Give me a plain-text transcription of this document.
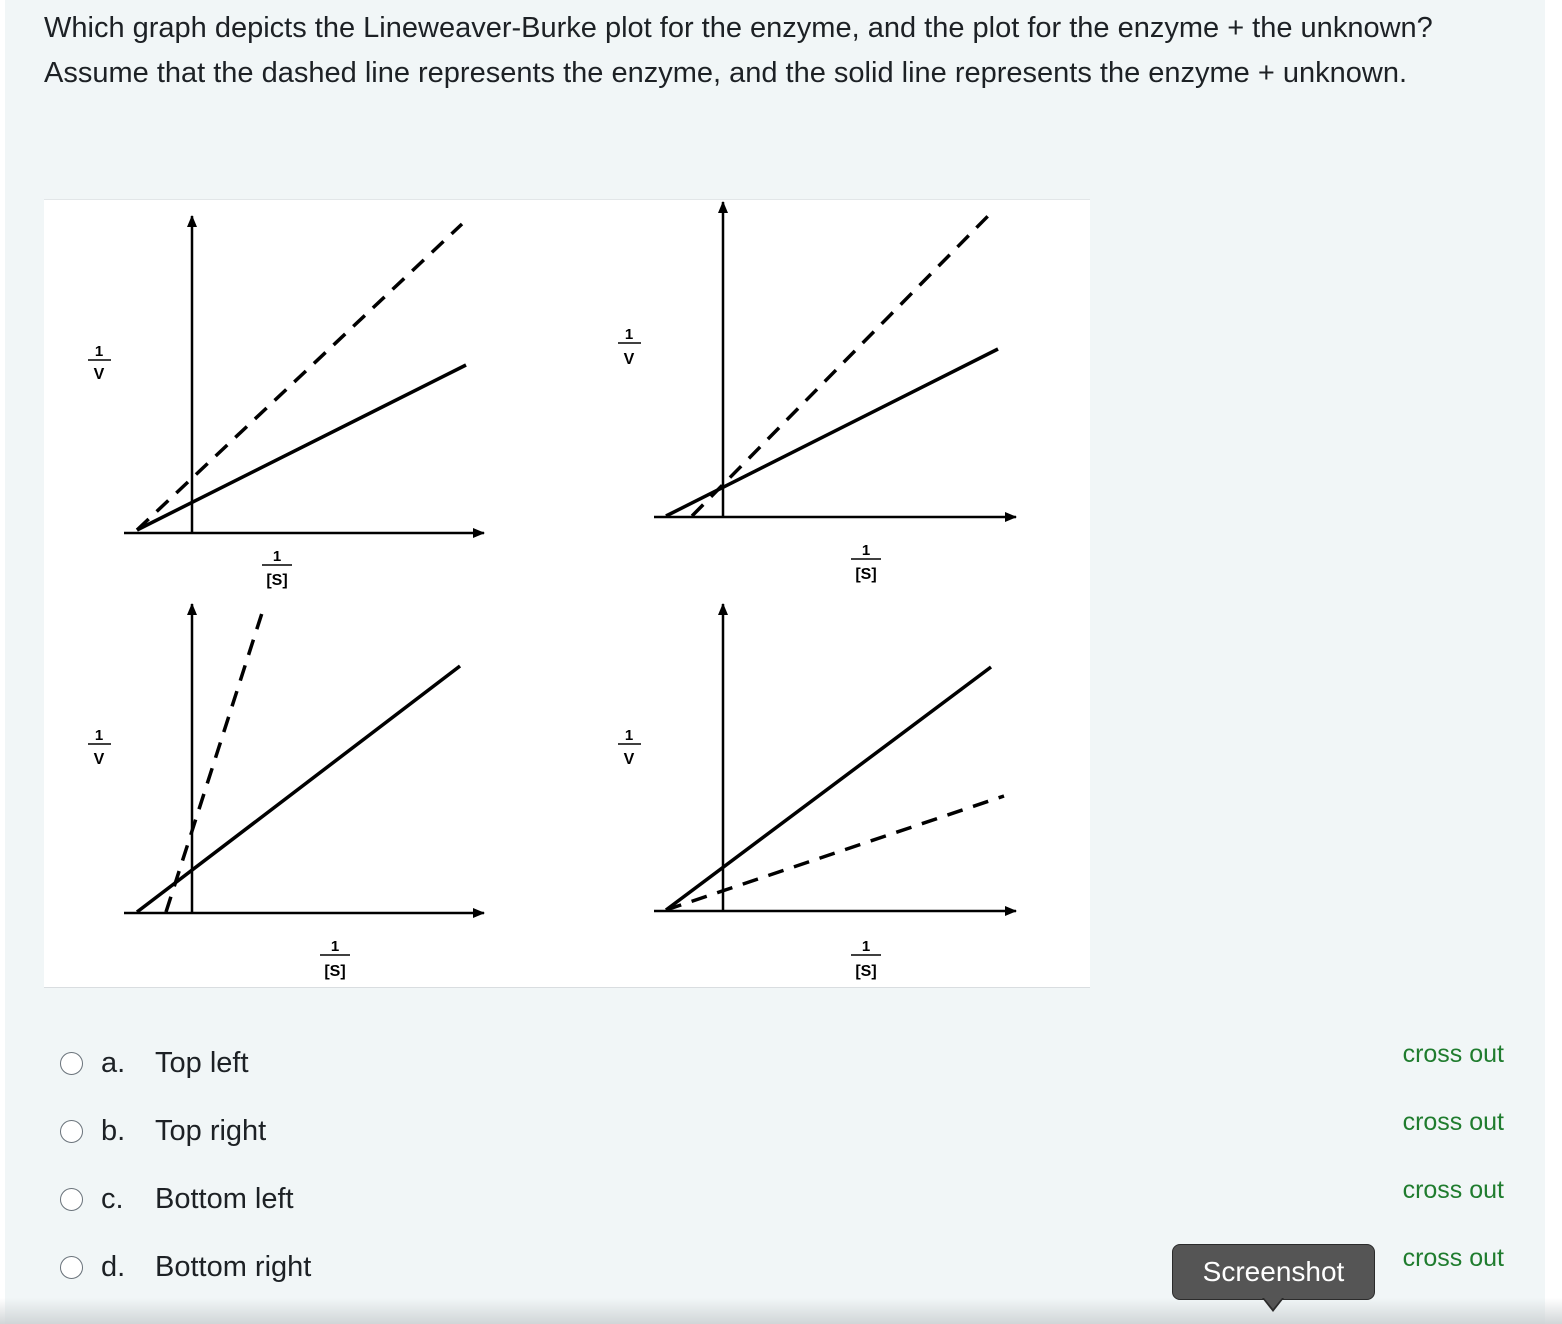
Which graph depicts the Lineweaver-Burke plot for the enzyme, and the plot for the enzyme + the unknown? Assume that the dashed line represents the enzyme, and the solid line represents the enzyme + unknown.

1
V
1
[S]
1
V
1
[S]
1
V
1
[S]
1
V
1
[S]
a.	Top left	cross out
b.	Top right	cross out
c.	Bottom left	cross out
d.	Bottom right	cross out
Screenshot
